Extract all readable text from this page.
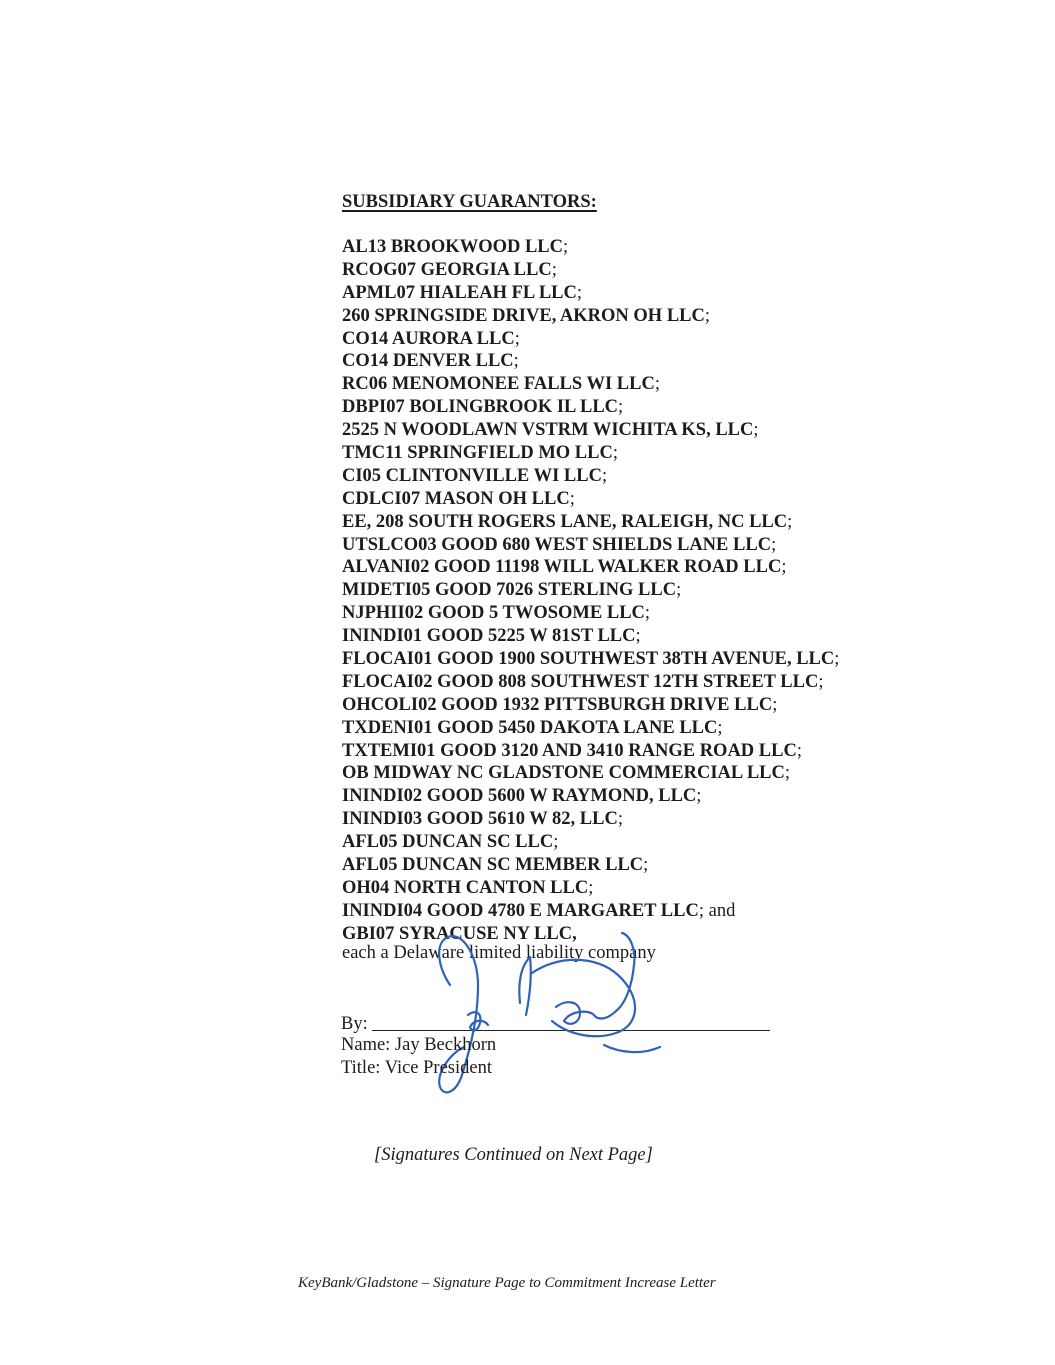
SUBSIDIARY GUARANTORS:
AL13 BROOKWOOD LLC;
RCOG07 GEORGIA LLC;
APML07 HIALEAH FL LLC;
260 SPRINGSIDE DRIVE, AKRON OH LLC;
CO14 AURORA LLC;
CO14 DENVER LLC;
RC06 MENOMONEE FALLS WI LLC;
DBPI07 BOLINGBROOK IL LLC;
2525 N WOODLAWN VSTRM WICHITA KS, LLC;
TMC11 SPRINGFIELD MO LLC;
CI05 CLINTONVILLE WI LLC;
CDLCI07 MASON OH LLC;
EE, 208 SOUTH ROGERS LANE, RALEIGH, NC LLC;
UTSLCO03 GOOD 680 WEST SHIELDS LANE LLC;
ALVANI02 GOOD 11198 WILL WALKER ROAD LLC;
MIDETI05 GOOD 7026 STERLING LLC;
NJPHII02 GOOD 5 TWOSOME LLC;
ININDI01 GOOD 5225 W 81ST LLC;
FLOCAI01 GOOD 1900 SOUTHWEST 38TH AVENUE, LLC;
FLOCAI02 GOOD 808 SOUTHWEST 12TH STREET LLC;
OHCOLI02 GOOD 1932 PITTSBURGH DRIVE LLC;
TXDENI01 GOOD 5450 DAKOTA LANE LLC;
TXTEMI01 GOOD 3120 AND 3410 RANGE ROAD LLC;
OB MIDWAY NC GLADSTONE COMMERCIAL LLC;
ININDI02 GOOD 5600 W RAYMOND, LLC;
ININDI03 GOOD 5610 W 82, LLC;
AFL05 DUNCAN SC LLC;
AFL05 DUNCAN SC MEMBER LLC;
OH04 NORTH CANTON LLC;
ININDI04 GOOD 4780 E MARGARET LLC; and
GBI07 SYRACUSE NY LLC,
each a Delaware limited liability company
By:
Name: Jay Beckhorn
Title: Vice President
[Signatures Continued on Next Page]
KeyBank/Gladstone – Signature Page to Commitment Increase Letter
